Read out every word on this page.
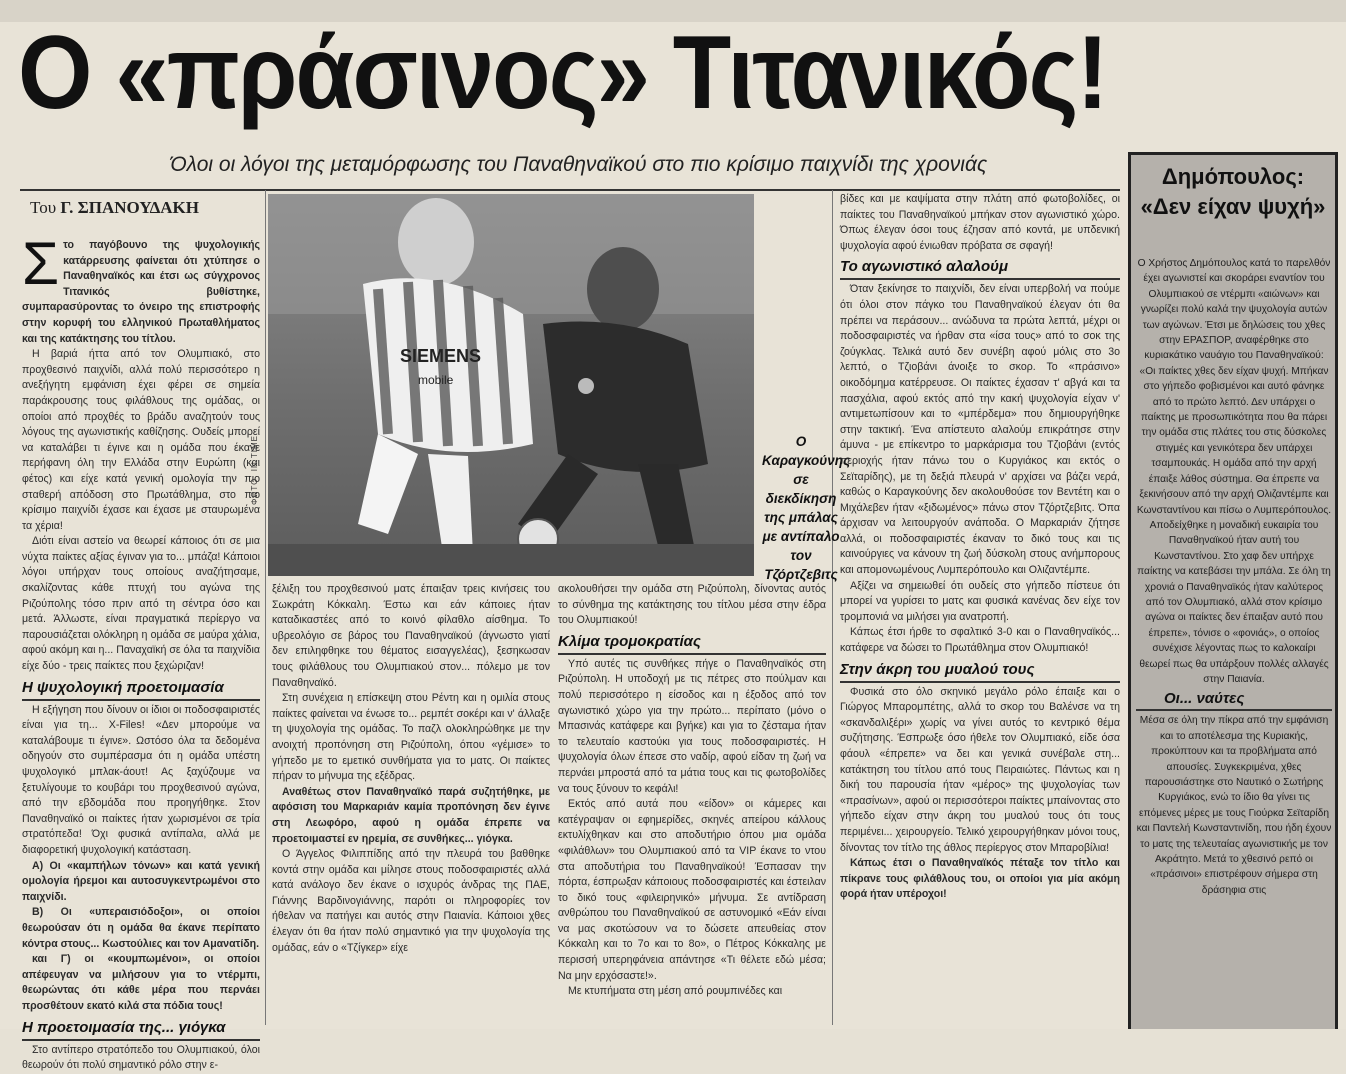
Ο «πράσινος» Τιτανικός!
Όλοι οι λόγοι της μεταμόρφωσης του Παναθηναϊκού στο πιο κρίσιμο παιχνίδι της χρονιάς
Του Γ. ΣΠΑΝΟΥΔΑΚΗ

Στο παγόβουνο της ψυχολογικής κατάρρευσης φαίνεται ότι χτύπησε ο Παναθηναϊκός και έτσι ως σύγχρονος Τιτανικός βυθίστηκε, συμπαρασύροντας το όνειρο της επιστροφής στην κορυφή του ελληνικού Πρωταθλήματος και της κατάκτησης του τίτλου.

Η βαριά ήττα από τον Ολυμπιακό, στο προχθεσινό παιχνίδι, αλλά πολύ περισσότερο η ανεξήγητη εμφάνιση έχει φέρει σε σημεία παράκρουσης τους φιλάθλους της ομάδας, οι οποίοι από προχθές το βράδυ αναζητούν τους λόγους της αγωνιστικής καθίζησης. Ουδείς μπορεί να καταλάβει τι έγινε και η ομάδα που έκανε περήφανη όλη την Ελλάδα στην Ευρώπη (και φέτος) και είχε κατά γενική ομολογία την πιο σταθερή απόδοση στο Πρωτάθλημα, στο πιο κρίσιμο παιχνίδι έχασε και έχασε με σταυρωμένα τα χέρια!

Διότι είναι αστείο να θεωρεί κάποιος ότι σε μια νύχτα παίκτες αξίας έγιναν για το... μπάζα! Κάποιοι λόγοι υπήρχαν τους οποίους αναζήτησαμε, σκαλίζοντας κάθε πτυχή του αγώνα της Ριζούπολης τόσο πριν από τη σέντρα όσο και μετά. Άλλωστε, είναι πραγματικά περίεργο να παρουσιάζεται ολόκληρη η ομάδα σε μαύρα χάλια, αφού ακόμη και η... Παναχαϊκή σε όλα τα παιχνίδια είχε δύο - τρεις παίκτες που ξεχώριζαν!

Η ψυχολογική προετοιμασία

Η εξήγηση που δίνουν οι ίδιοι οι ποδοσφαιριστές είναι για τη... X-Files! «Δεν μπορούμε να καταλάβουμε τι έγινε». Ωστόσο όλα τα δεδομένα οδηγούν στο συμπέρασμα ότι η ομάδα υπέστη ψυχολογικό μπλακ-άουτ! Ας ξαχύζουμε να ξετυλίγουμε το κουβάρι του προχθεσινού αγώνα, από την εβδομάδα που προηγήθηκε. Στον Παναθηναϊκό οι παίκτες ήταν χωρισμένοι σε τρία στρατόπεδα! Όχι φυσικά αντίπαλα, αλλά με διαφορετική ψυχολογική κατάσταση.

Α) Οι «καμπήλων τόνων» και κατά γενική ομολογία ήρεμοι και αυτοσυγκεντρωμένοι στο παιχνίδι.

Β) Οι «υπεραισιόδοξοι», οι οποίοι θεωρούσαν ότι η ομάδα θα έκανε περίπατο κόντρα στους... Κωστούλιες και τον Αμανατίδη.

και Γ) οι «κουμπωμένοι», οι οποίοι απέφευγαν να μιλήσουν για το ντέρμπι, θεωρώντας ότι κάθε μέρα που περνάει προσθέτουν εκατό κιλά στα πόδια τους!

Η προετοιμασία της... γιόγκα

Στο αντίπερο στρατόπεδο του Ολυμπιακού, όλοι θεωρούν ότι πολύ σημαντικό ρόλο στην ε-

SIEMENS
mobile
ΦΩΤΟ: IN TIME	Ο Καραγκούνης σε διεκδίκηση της μπάλας με αντίπαλο τον Τζόρτζεβιτς

ξέλιξη του προχθεσινού ματς έπαιξαν τρεις κινήσεις του Σωκράτη Κόκκαλη. Έστω και εάν κάποιες ήταν καταδικαστέες από το κοινό φίλαθλο αίσθημα. Το υβρεολόγιο σε βάρος του Παναθηναϊκού (άγνωστο γιατί δεν επιληφθηκε του θέματος εισαγγελέας), ξεσηκωσαν τους φιλάθλους του Ολυμπιακού στον... πόλεμο με τον Παναθηναϊκό.

Στη συνέχεια η επίσκεψη στου Ρέντη και η ομιλία στους παίκτες φαίνεται να ένωσε το... ρεμπέτ σοκέρι και ν' άλλαξε τη ψυχολογία της ομάδας. Το παζλ ολοκληρώθηκε με την ανοιχτή προπόνηση στη Ριζούπολη, όπου «γέμισε» το γήπεδο με το εμετικό συνθήματα για το ματς. Οι παίκτες πήραν το μήνυμα της εξέδρας.

Αναθέτως στον Παναθηναϊκό παρά συζητήθηκε, με αφόσιση του Μαρκαριάν καμία προπόνηση δεν έγινε στη Λεωφόρο, αφού η ομάδα έπρεπε να προετοιμαστεί εν ηρεμία, σε συνθήκες... γιόγκα.

Ο Άγγελος Φιλιππίδης από την πλευρά του βαθθηκε κοντά στην ομάδα και μίλησε στους ποδοσφαιριστές αλλά κατά ανάλογο δεν έκανε ο ισχυρός άνδρας της ΠΑΕ, Γιάννης Βαρδινογιάννης, παρότι οι πληροφορίες τον ήθελαν να πατήγει και αυτός στην Παιανία. Κάποιοι χθες έλεγαν ότι θα ήταν πολύ σημαντικό για την ψυχολογία της ομάδας, εάν ο «Τζίγκερ» είχε

ακολουθήσει την ομάδα στη Ριζούπολη, δίνοντας αυτός το σύνθημα της κατάκτησης του τίτλου μέσα στην έδρα του Ολυμπιακού!

Κλίμα τρομοκρατίας

Υπό αυτές τις συνθήκες πήγε ο Παναθηναϊκός στη Ριζούπολη. Η υποδοχή με τις πέτρες στο πούλμαν και πολύ περισσότερο η είσοδος και η έξοδος από τον αγωνιστικό χώρο για την πρώτο... περίπατο (μόνο ο Μπασινάς κατάφερε και βγήκε) και για το ζέσταμα ήταν το τελευταίο καστούκι για τους ποδοσφαιριστές. Η ψυχολογία όλων έπεσε στο ναδίρ, αφού είδαν τη ζωή να περνάει μπροστά από τα μάτια τους και τις φωτοβολίδες να τους ξύνουν το κεφάλι!

Εκτός από αυτά που «είδον» οι κάμερες και κατέγραψαν οι εφημερίδες, σκηνές απείρου κάλλους εκτυλίχθηκαν και στο αποδυτήριο όπου μια ομάδα «φιλάθλων» του Ολυμπιακού από τα VIP έκανε το ντου στα αποδυτήρια του Παναθηναϊκού! Έσπασαν την πόρτα, έσπρωξαν κάποιους ποδοσφαιριστές και έστειλαν το δικό τους «φιλειρηνικό» μήνυμα. Σε αντίδραση ανθρώπου του Παναθηναϊκού σε αστυνομικό «Εάν είναι να μας σκοτώσουν να το δώσετε απευθείας στον Κόκκαλη και το 7ο και το 8ο», ο Πέτρος Κόκκαλης με περισσή υπερηφάνεια απάντησε «Τι θέλετε εδώ μέσα; Να μην ερχόσαστε!».

Με κτυπήματα στη μέση από ρουμπινέδες και

βίδες και με καψίματα στην πλάτη από φωτοβολίδες, οι παίκτες του Παναθηναϊκού μπήκαν στον αγωνιστικό χώρο. Όπως έλεγαν όσοι τους έζησαν από κοντά, με υπδενική ψυχολογία αφού ένιωθαν πρόβατα σε σφαγή!

Το αγωνιστικό αλαλούμ

Όταν ξεκίνησε το παιχνίδι, δεν είναι υπερβολή να πούμε ότι όλοι στον πάγκο του Παναθηναϊκού έλεγαν ότι θα πρέπει να περάσουν... ανώδυνα τα πρώτα λεπτά, μέχρι οι ποδοσφαιριστές να ήρθαν στα «ίσα τους» από το σοκ της ζούγκλας. Τελικά αυτό δεν συνέβη αφού μόλις στο 3ο λεπτό, ο Τζιοβάνι άνοιξε το σκορ. Το «πράσινο» οικοδόμημα κατέρρευσε. Οι παίκτες έχασαν τ' αβγά και τα πασχάλια, αφού εκτός από την κακή ψυχολογία είχαν ν' αντιμετωπίσουν και το «μπέρδεμα» που δημιουργήθηκε στην τακτική. Ένα απίστευτο αλαλούμ επικράτησε στην άμυνα - με επίκεντρο το μαρκάρισμα του Τζιοβάνι (εντός περιοχής ήταν πάνω του ο Κυργιάκος και εκτός ο Σεϊταρίδης), με τη δεξιά πλευρά ν' αρχίσει να βάζει νερά, καθώς ο Καραγκούνης δεν ακολουθούσε τον Βεντέτη και ο Μιχάλεβεν ήταν «ξιδωμένος» πάνω στον Τζόρτζεβιτς. Όπα άρχισαν να λειτουργούν ανάποδα. Ο Μαρκαριάν ζήτησε αλλά, οι ποδοσφαιριστές έκαναν το δικό τους και τις καινούργιες να κάνουν τη ζωή δύσκολη στους ανήμπορους και απομονωμένους Λυμπερόπουλο και Ολιζαντέμπε.

Αξίζει να σημειωθεί ότι ουδείς στο γήπεδο πίστευε ότι μπορεί να γυρίσει το ματς και φυσικά κανένας δεν είχε τον τρομπονιά να μιλήσει για ανατροπή.

Κάπως έτσι ήρθε το σφαλτικό 3-0 και ο Παναθηναϊκός... κατάφερε να δώσει το Πρωτάθλημα στον Ολυμπιακό!

Στην άκρη του μυαλού τους

Φυσικά στο όλο σκηνικό μεγάλο ρόλο έπαιξε και ο Γιώργος Μπαρομπέτης, αλλά το σκορ του Βαλένσε να τη «σκανδαλιξέρι» χωρίς να γίνει αυτός το κεντρικό θέμα συζήτησης. Έσπρωξε όσο ήθελε τον Ολυμπιακό, είδε όσα φάουλ «έπρεπε» να δει και γενικά συνέβαλε στη... κατάκτηση του τίτλου από τους Πειραιώτες. Πάντως και η δική του παρουσία ήταν «μέρος» της ψυχολογίας των «πρασίνων», αφού οι περισσότεροι παίκτες μπαίνοντας στο γήπεδο είχαν στην άκρη του μυαλού τους ότι τους περιμένει... χειρουργείο. Τελικό χειρουργήθηκαν μόνοι τους, δίνοντας τον τίτλο της άθλος περίεργος στον Μπαροβίλια!

Κάπως έτσι ο Παναθηναϊκός πέταξε τον τίτλο και πίκρανε τους φιλάθλους του, οι οποίοι για μία ακόμη φορά ήταν υπέροχοι!

Δημόπουλος: «Δεν είχαν ψυχή»

Ο Χρήστος Δημόπουλος κατά το παρελθόν έχει αγωνιστεί και σκοράρει εναντίον του Ολυμπιακού σε ντέρμπι «αιώνων» και γνωρίζει πολύ καλά την ψυχολογία αυτών των αγώνων. Έτσι με δηλώσεις του χθες στην ΕΡΑΣΠΟΡ, αναφέρθηκε στο κυριακάτικο ναυάγιο του Παναθηναϊκού: «Οι παίκτες χθες δεν είχαν ψυχή. Μπήκαν στο γήπεδο φοβισμένοι και αυτό φάνηκε από το πρώτο λεπτό. Δεν υπάρχει ο παίκτης με προσωπικότητα που θα πάρει την ομάδα στις πλάτες του στις δύσκολες στιγμές και γενικότερα δεν υπάρχει τσαμπουκάς. Η ομάδα από την αρχή έπαιξε λάθος σύστημα. Θα έπρεπε να ξεκινήσουν από την αρχή Ολιζαντέμπε και Κωνσταντίνου και πίσω ο Λυμπερόπουλος. Αποδείχθηκε η μοναδική ευκαιρία του Παναθηναϊκού ήταν αυτή του Κωνσταντίνου. Στο χαφ δεν υπήρχε παίκτης να κατεβάσει την μπάλα. Σε όλη τη χρονιά ο Παναθηναϊκός ήταν καλύτερος από τον Ολυμπιακό, αλλά στον κρίσιμο αγώνα οι παίκτες δεν έπαιξαν αυτό που έπρεπε», τόνισε ο «φονιάς», ο οποίος συνέχισε λέγοντας πως το καλοκαίρι θεωρεί πως θα υπάρξουν πολλές αλλαγές στην Παιανία.

Οι... ναύτες

Μέσα σε όλη την πίκρα από την εμφάνιση και το αποτέλεσμα της Κυριακής, προκύπτουν και τα προβλήματα από απουσίες. Συγκεκριμένα, χθες παρουσιάστηκε στο Ναυτικό ο Σωτήρης Κυργιάκος, ενώ το ίδιο θα γίνει τις επόμενες μέρες με τους Γιούρκα Σεϊταρίδη και Παντελή Κωνσταντινίδη, που ήδη έχουν το ματς της τελευταίας αγωνιστικής με τον Ακράτητο. Μετά το χθεσινό ρεπό οι «πράσινοι» επιστρέφουν σήμερα στη δράσηφια στις
